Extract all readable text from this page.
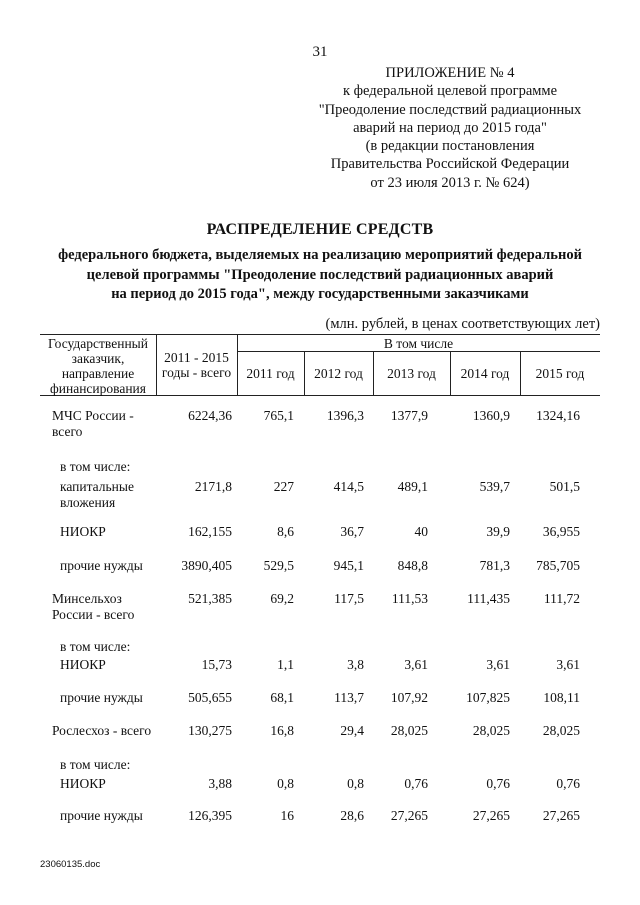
31
ПРИЛОЖЕНИЕ № 4
к федеральной целевой программе
"Преодоление последствий радиационных
аварий на период до 2015 года"
(в редакции постановления
Правительства Российской Федерации
от 23 июля 2013 г. № 624)
РАСПРЕДЕЛЕНИЕ СРЕДСТВ
федерального бюджета, выделяемых на реализацию мероприятий федеральной
целевой программы "Преодоление последствий радиационных аварий
на период до 2015 года", между государственными заказчиками
(млн. рублей, в ценах соответствующих лет)
Государственный
заказчик,
направление
финансирования
2011 - 2015
годы - всего
В том числе
2011 год	2012 год	2013 год	2014 год	2015 год
МЧС России -
всего
6224,36	765,1	1396,3	1377,9	1360,9	1324,16
в том числе:
капитальные
вложения
2171,8	227	414,5	489,1	539,7	501,5
НИОКР	162,155	8,6	36,7	40	39,9	36,955
прочие нужды	3890,405	529,5	945,1	848,8	781,3	785,705
Минсельхоз
России - всего
521,385	69,2	117,5	111,53	111,435	111,72
в том числе:
НИОКР	15,73	1,1	3,8	3,61	3,61	3,61
прочие нужды	505,655	68,1	113,7	107,92	107,825	108,11
Рослесхоз - всего	130,275	16,8	29,4	28,025	28,025	28,025
в том числе:
НИОКР	3,88	0,8	0,8	0,76	0,76	0,76
прочие нужды	126,395	16	28,6	27,265	27,265	27,265
23060135.doc
